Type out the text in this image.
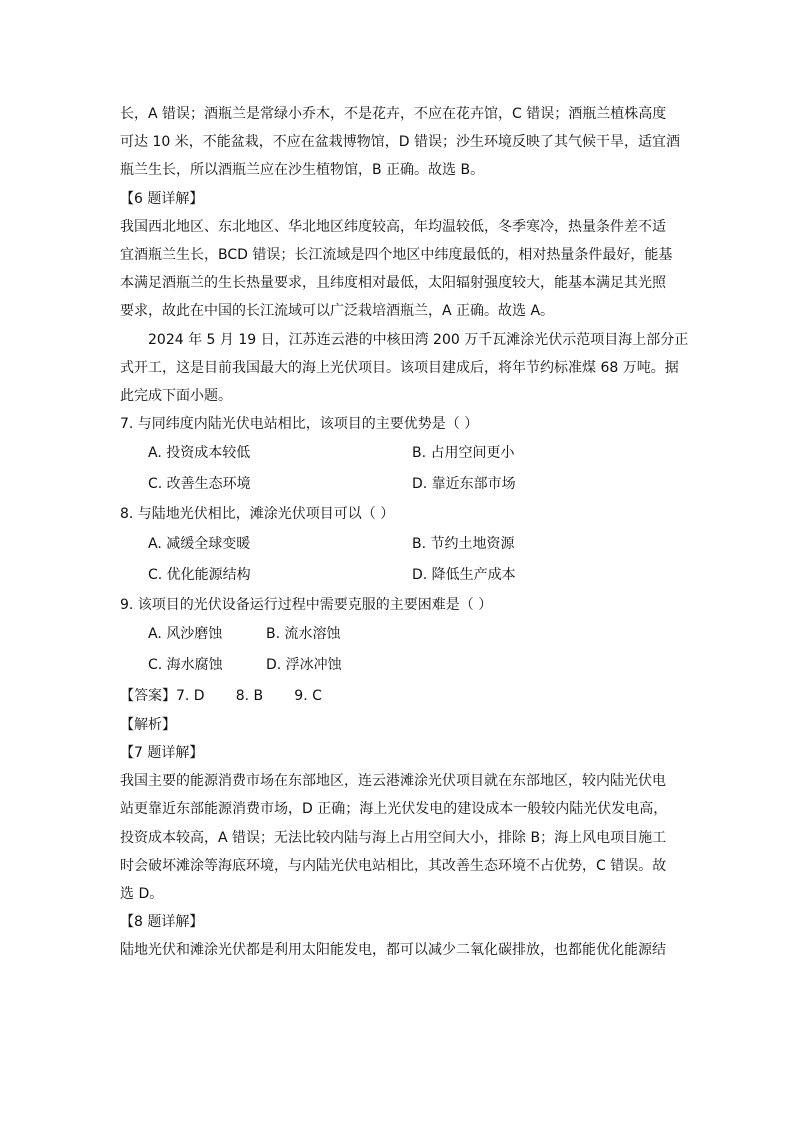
长，A 错误；酒瓶兰是常绿小乔木，不是花卉，不应在花卉馆，C 错误；酒瓶兰植株高度

可达 10 米，不能盆栽，不应在盆栽博物馆，D 错误；沙生环境反映了其气候干旱，适宜酒

瓶兰生长，所以酒瓶兰应在沙生植物馆，B 正确。故选 B。

【6 题详解】

我国西北地区、东北地区、华北地区纬度较高，年均温较低，冬季寒冷，热量条件差不适

宜酒瓶兰生长，BCD 错误；长江流域是四个地区中纬度最低的，相对热量条件最好，能基

本满足酒瓶兰的生长热量要求，且纬度相对最低，太阳辐射强度较大，能基本满足其光照

要求，故此在中国的长江流域可以广泛栽培酒瓶兰，A 正确。故选 A。

2024 年 5 月 19 日，江苏连云港的中核田湾 200 万千瓦滩涂光伏示范项目海上部分正

式开工，这是目前我国最大的海上光伏项目。该项目建成后，将年节约标准煤 68 万吨。据

此完成下面小题。

7. 与同纬度内陆光伏电站相比，该项目的主要优势是（ ）

A. 投资成本较低	B. 占用空间更小
C. 改善生态环境	D. 靠近东部市场

8. 与陆地光伏相比，滩涂光伏项目可以（ ）

A. 减缓全球变暖	B. 节约土地资源
C. 优化能源结构	D. 降低生产成本

9. 该项目的光伏设备运行过程中需要克服的主要困难是（ ）

A. 风沙磨蚀	B. 流水溶蚀
C. 海水腐蚀	D. 浮冰冲蚀

【答案】7. D       8. B       9. C

【解析】

【7 题详解】

我国主要的能源消费市场在东部地区，连云港滩涂光伏项目就在东部地区，较内陆光伏电

站更靠近东部能源消费市场，D 正确；海上光伏发电的建设成本一般较内陆光伏发电高，

投资成本较高，A 错误；无法比较内陆与海上占用空间大小，排除 B；海上风电项目施工

时会破坏滩涂等海底环境，与内陆光伏电站相比，其改善生态环境不占优势，C 错误。故

选 D。

【8 题详解】

陆地光伏和滩涂光伏都是利用太阳能发电，都可以减少二氧化碳排放，也都能优化能源结
